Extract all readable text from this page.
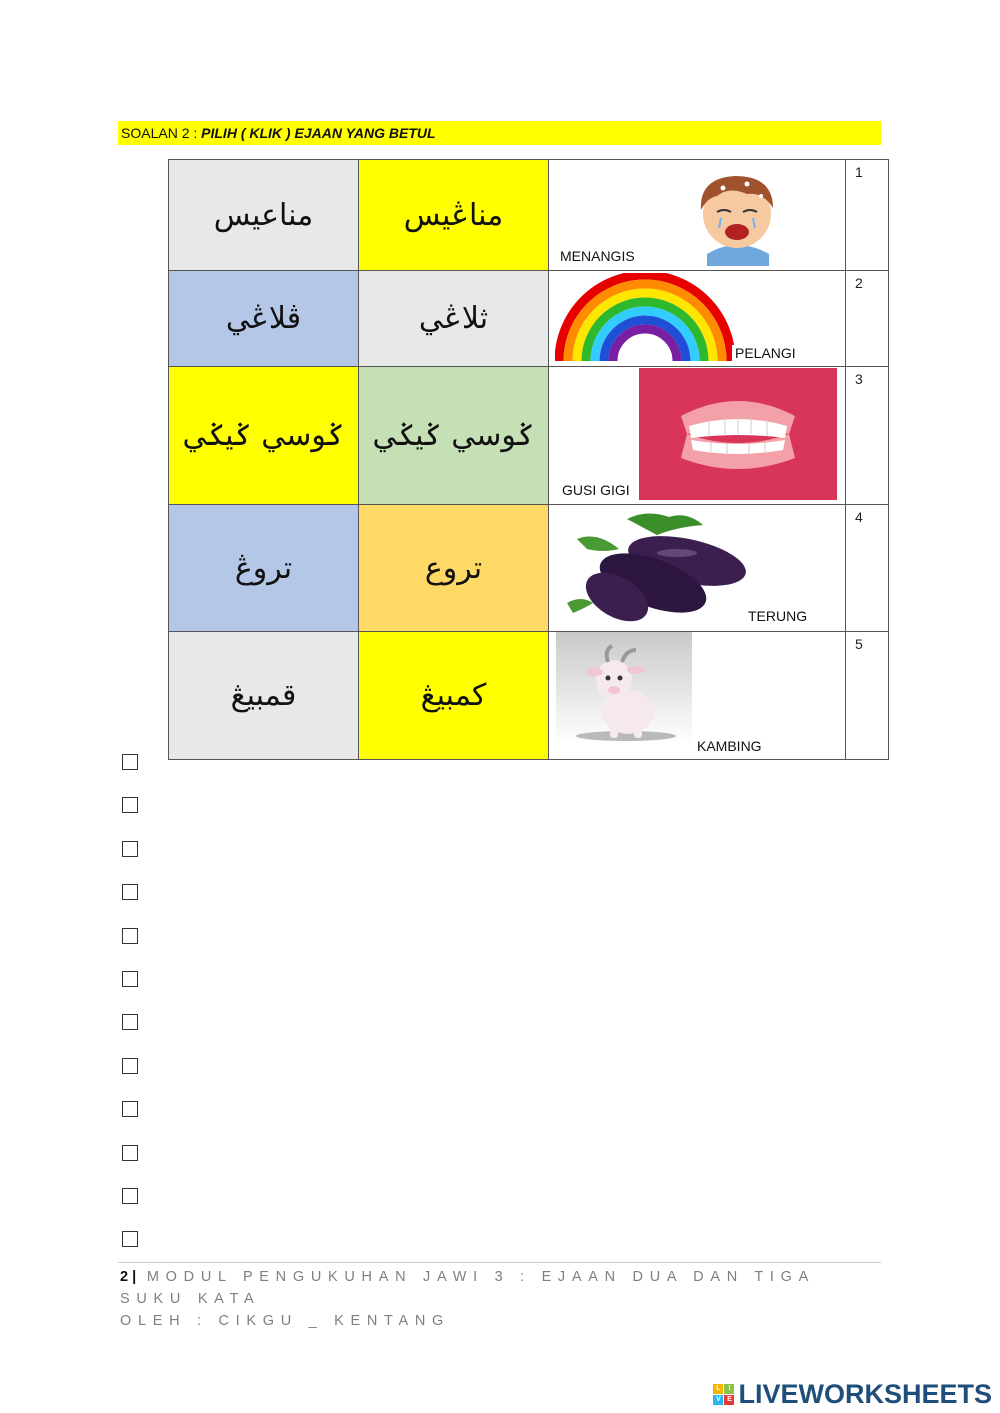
SOALAN 2 : PILIH ( KLIK ) EJAAN YANG BETUL
مناعيس	مناڠيس	MENANGIS	1

ڤلاڠي	ثلاڠي	PELANGI	2

ݢوسي ݢيݢي	ݢوسي ݢيݢي	GUSI GIGI	3

تروڠ	تروع	TERUNG	4

قمبيڠ	کمبيڠ	KAMBING	5
2 | MODUL PENGUKUHAN JAWI 3 : EJAAN DUA DAN TIGA SUKU KATA
OLEH : CIKGU _ KENTANG
L	I
V E LIVEWORKSHEETS
